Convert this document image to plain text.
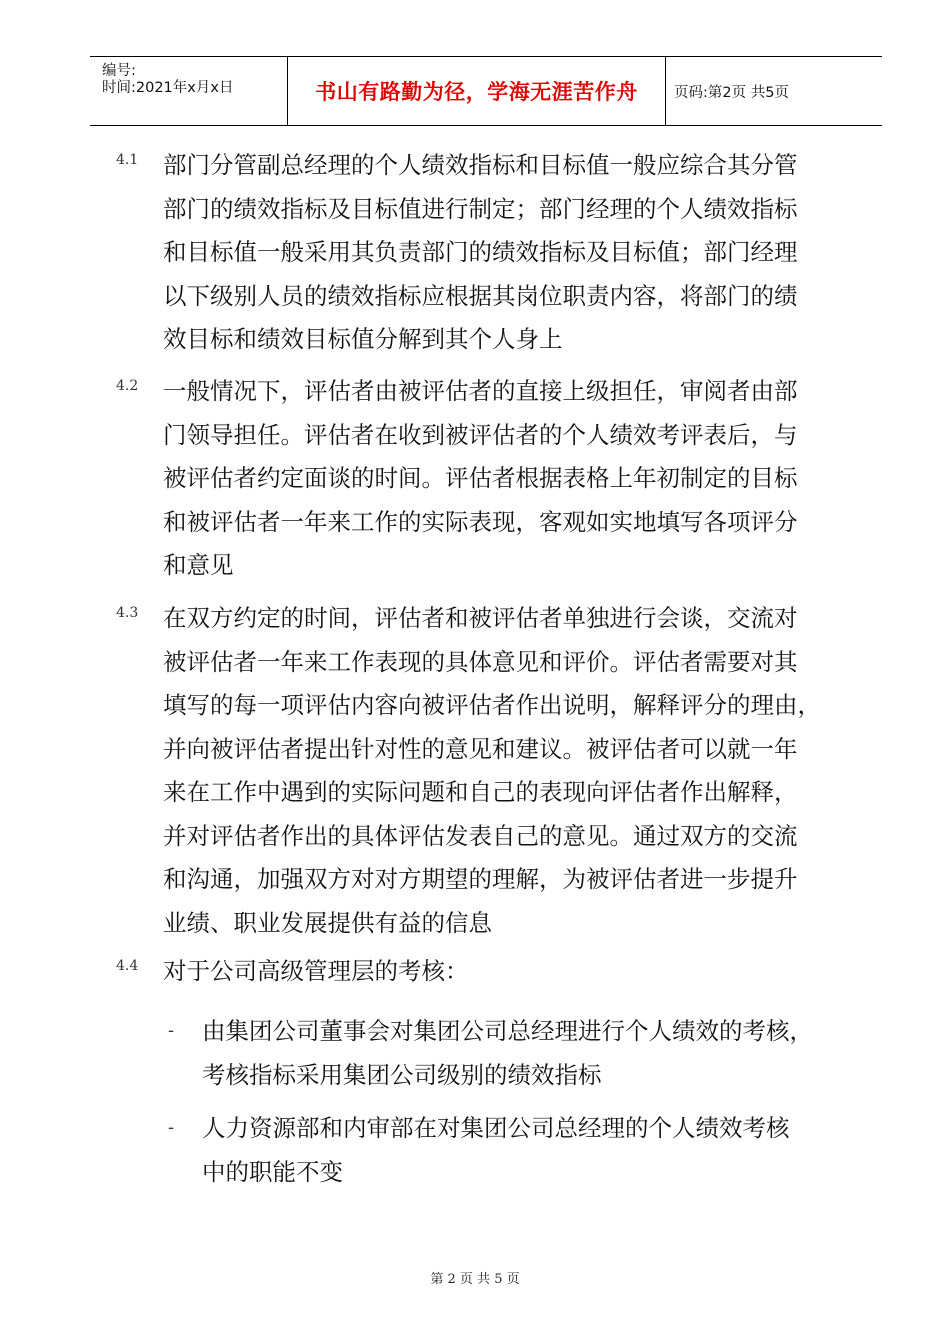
编号:
时间:2021年x月x日	书山有路勤为径，学海无涯苦作舟	页码:第2页 共5页
4.1 部门分管副总经理的个人绩效指标和目标值一般应综合其分管
部门的绩效指标及目标值进行制定；部门经理的个人绩效指标
和目标值一般采用其负责部门的绩效指标及目标值；部门经理
以下级别人员的绩效指标应根据其岗位职责内容，将部门的绩
效目标和绩效目标值分解到其个人身上
4.2 一般情况下，评估者由被评估者的直接上级担任，审阅者由部
门领导担任。评估者在收到被评估者的个人绩效考评表后，与
被评估者约定面谈的时间。评估者根据表格上年初制定的目标
和被评估者一年来工作的实际表现，客观如实地填写各项评分
和意见
4.3 在双方约定的时间，评估者和被评估者单独进行会谈，交流对
被评估者一年来工作表现的具体意见和评价。评估者需要对其
填写的每一项评估内容向被评估者作出说明，解释评分的理由，
并向被评估者提出针对性的意见和建议。被评估者可以就一年
来在工作中遇到的实际问题和自己的表现向评估者作出解释，
并对评估者作出的具体评估发表自己的意见。通过双方的交流
和沟通，加强双方对对方期望的理解，为被评估者进一步提升
业绩、职业发展提供有益的信息
4.4 对于公司高级管理层的考核：
- 由集团公司董事会对集团公司总经理进行个人绩效的考核，
考核指标采用集团公司级别的绩效指标
- 人力资源部和内审部在对集团公司总经理的个人绩效考核
中的职能不变
第 2 页 共 5 页
